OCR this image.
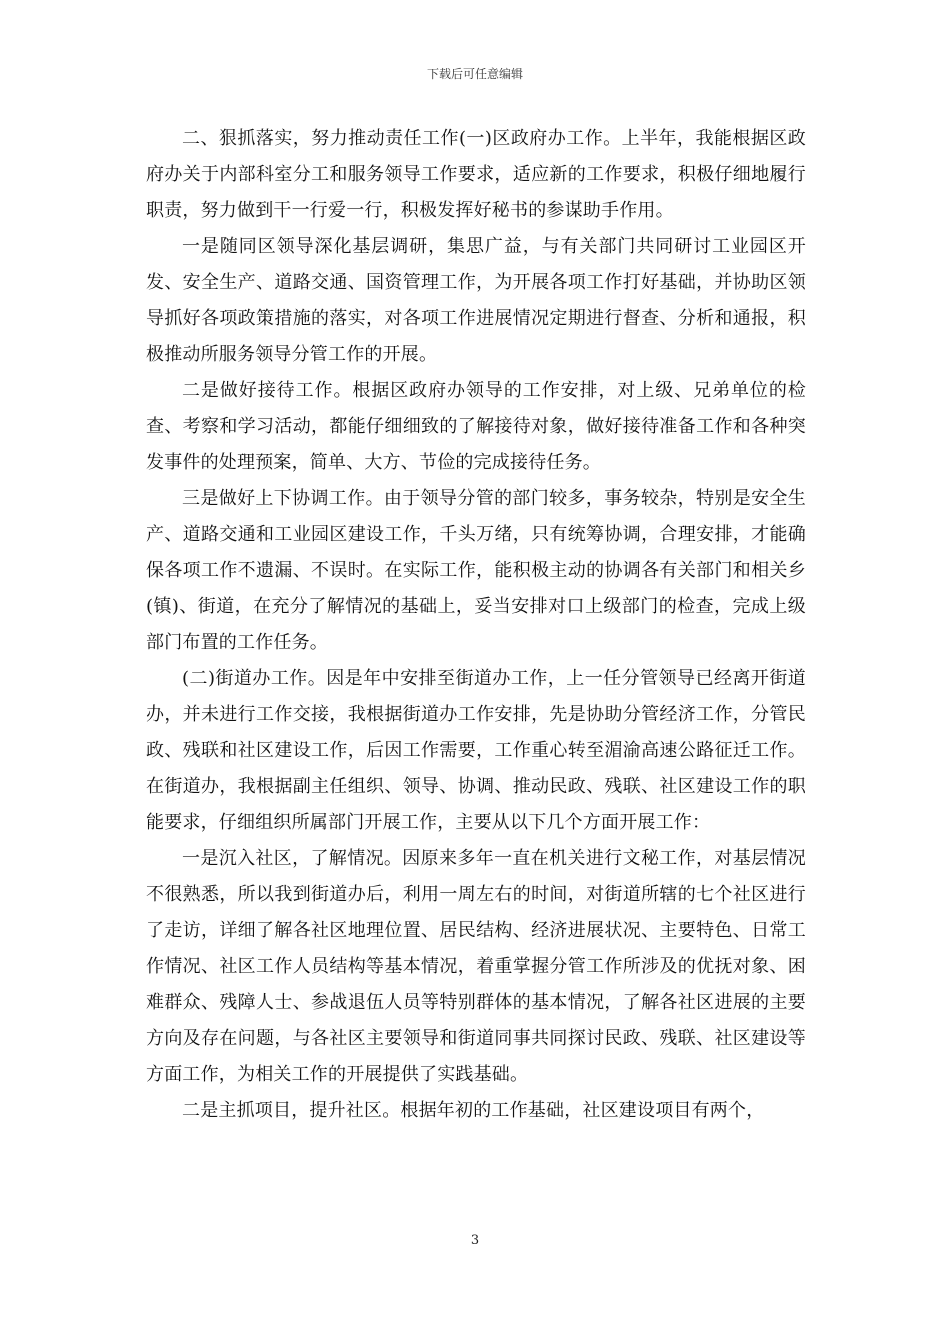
下载后可任意编辑

二、狠抓落实，努力推动责任工作(一)区政府办工作。上半年，我能根据区政府办关于内部科室分工和服务领导工作要求，适应新的工作要求，积极仔细地履行职责，努力做到干一行爱一行，积极发挥好秘书的参谋助手作用。

一是随同区领导深化基层调研，集思广益，与有关部门共同研讨工业园区开发、安全生产、道路交通、国资管理工作，为开展各项工作打好基础，并协助区领导抓好各项政策措施的落实，对各项工作进展情况定期进行督查、分析和通报，积极推动所服务领导分管工作的开展。

二是做好接待工作。根据区政府办领导的工作安排，对上级、兄弟单位的检查、考察和学习活动，都能仔细细致的了解接待对象，做好接待准备工作和各种突发事件的处理预案，简单、大方、节俭的完成接待任务。

三是做好上下协调工作。由于领导分管的部门较多，事务较杂，特别是安全生产、道路交通和工业园区建设工作，千头万绪，只有统筹协调，合理安排，才能确保各项工作不遗漏、不误时。在实际工作，能积极主动的协调各有关部门和相关乡(镇)、街道，在充分了解情况的基础上，妥当安排对口上级部门的检查，完成上级部门布置的工作任务。

(二)街道办工作。因是年中安排至街道办工作，上一任分管领导已经离开街道办，并未进行工作交接，我根据街道办工作安排，先是协助分管经济工作，分管民政、残联和社区建设工作，后因工作需要，工作重心转至湄渝高速公路征迁工作。在街道办，我根据副主任组织、领导、协调、推动民政、残联、社区建设工作的职能要求，仔细组织所属部门开展工作，主要从以下几个方面开展工作：

一是沉入社区，了解情况。因原来多年一直在机关进行文秘工作，对基层情况不很熟悉，所以我到街道办后，利用一周左右的时间，对街道所辖的七个社区进行了走访，详细了解各社区地理位置、居民结构、经济进展状况、主要特色、日常工作情况、社区工作人员结构等基本情况，着重掌握分管工作所涉及的优抚对象、困难群众、残障人士、参战退伍人员等特别群体的基本情况，了解各社区进展的主要方向及存在问题，与各社区主要领导和街道同事共同探讨民政、残联、社区建设等方面工作，为相关工作的开展提供了实践基础。

二是主抓项目，提升社区。根据年初的工作基础，社区建设项目有两个，

3
